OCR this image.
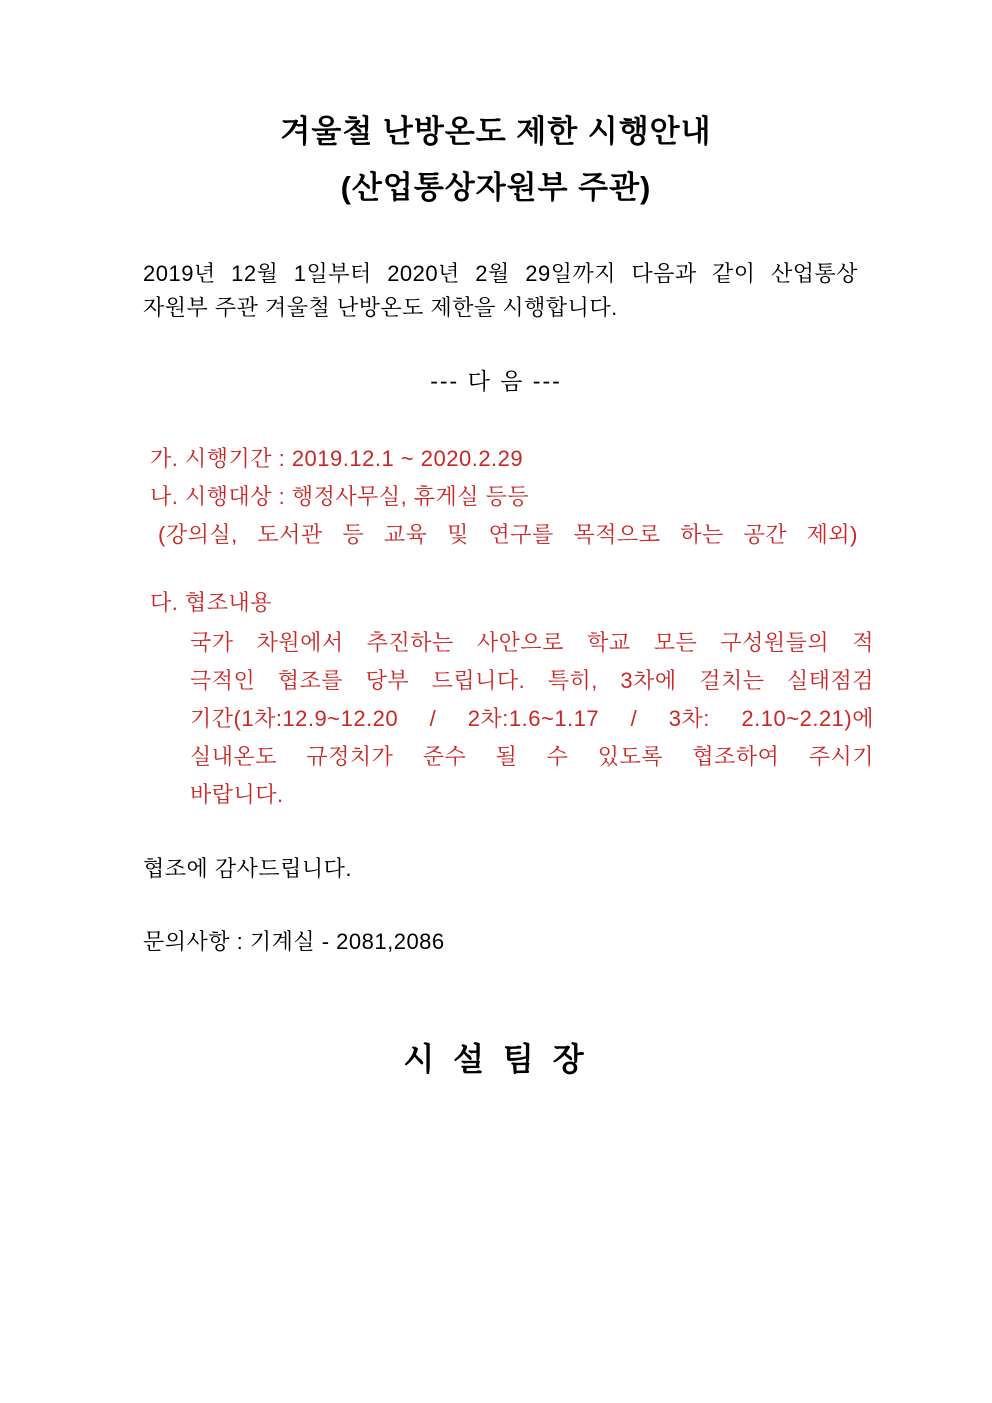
겨울철 난방온도 제한 시행안내
(산업통상자원부 주관)
2019년 12월 1일부터 2020년 2월 29일까지 다음과 같이 산업통상
자원부 주관 겨울철 난방온도 제한을 시행합니다.
--- 다 음 ---
가. 시행기간 : 2019.12.1 ~ 2020.2.29
나. 시행대상 : 행정사무실, 휴게실 등등
(강의실, 도서관 등 교육 및 연구를 목적으로 하는 공간 제외)
다. 협조내용
국가 차원에서 추진하는 사안으로 학교 모든 구성원들의 적
극적인 협조를 당부 드립니다. 특히, 3차에 걸치는 실태점검
기간(1차:12.9~12.20 / 2차:1.6~1.17 / 3차: 2.10~2.21)에
실내온도 규정치가 준수 될 수 있도록 협조하여 주시기
바랍니다.
협조에 감사드립니다.
문의사항 : 기계실 - 2081,2086
시 설 팀 장
